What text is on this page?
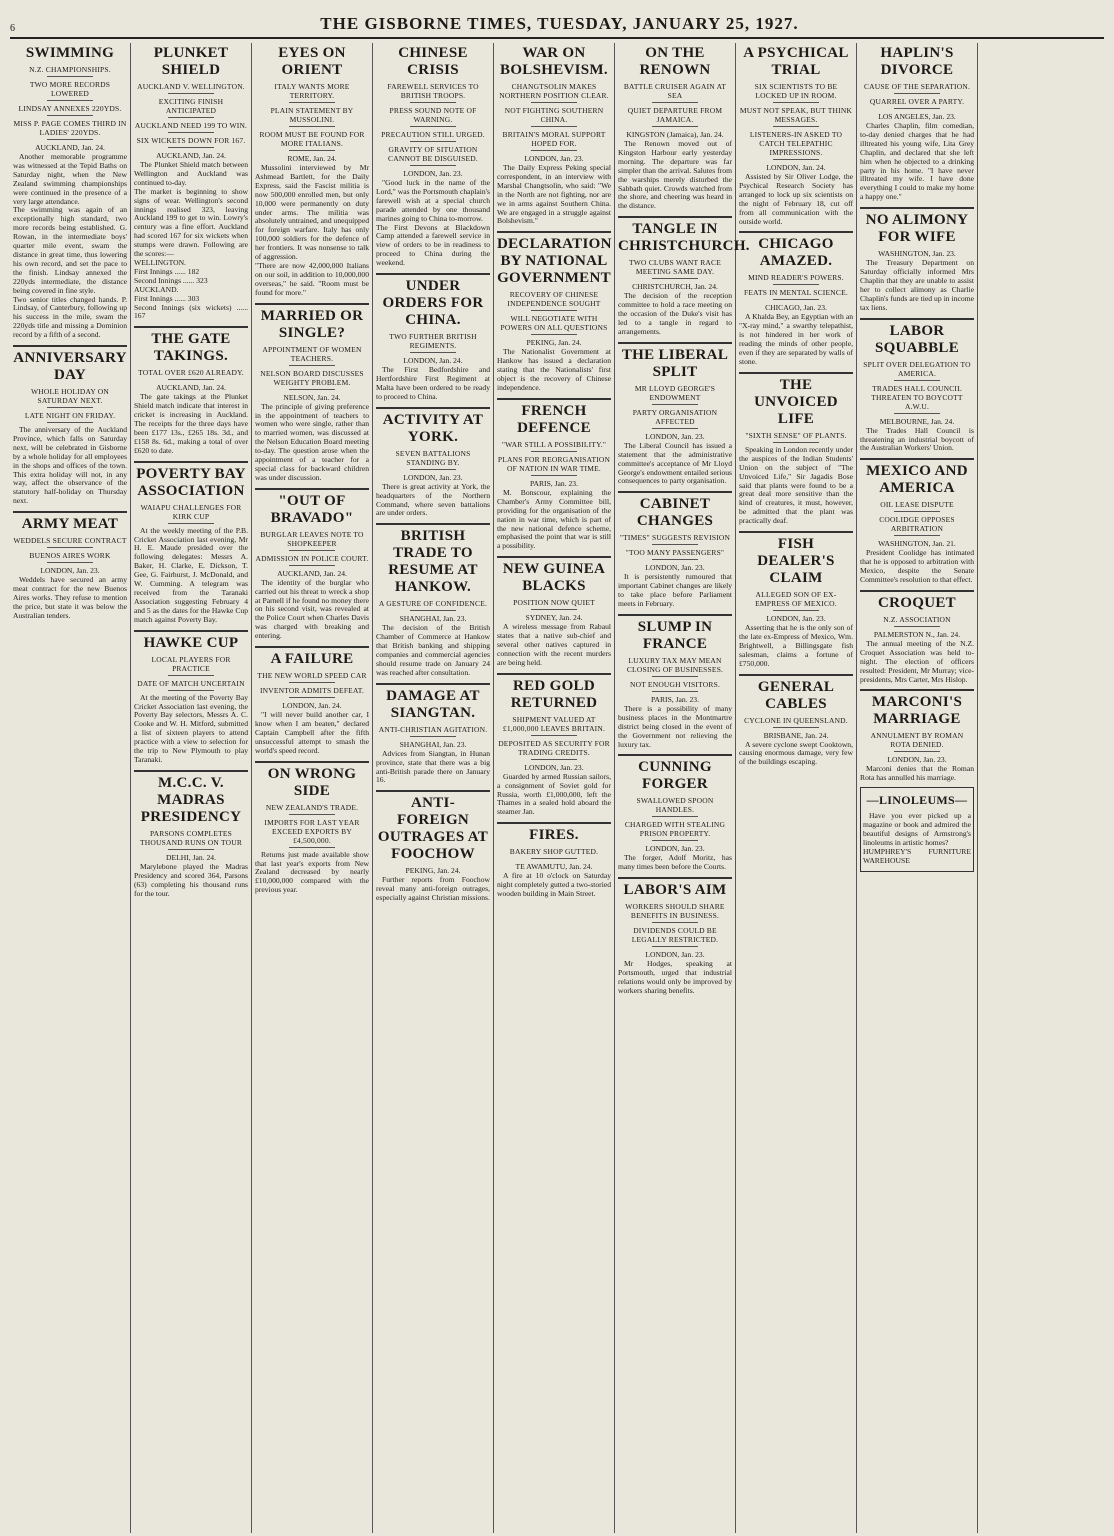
6	THE GISBORNE TIMES, TUESDAY, JANUARY 25, 1927.
SWIMMING
N.Z. CHAMPIONSHIPS.
TWO MORE RECORDS LOWERED
LINDSAY ANNEXES 220YDS.
MISS P. PAGE COMES THIRD IN LADIES' 220YDS.
AUCKLAND, Jan. 24.
Another memorable programme was witnessed at the Tepid Baths on Saturday night, when the New Zealand swimming championships were continued in the presence of a very large attendance.
The swimming was again of an exceptionally high standard, two more records being established. G. Rowan, in the intermediate boys' quarter mile event, swam the distance in great time, thus lowering his own record, and set the pace to the finish. Lindsay annexed the 220yds intermediate, the distance being covered in fine style.
Two senior titles changed hands. P. Lindsay, of Canterbury, following up his success in the mile, swam the 220yds title and missing a Dominion record by a fifth of a second.
ANNIVERSARY DAY
WHOLE HOLIDAY ON SATURDAY NEXT.
LATE NIGHT ON FRIDAY.
The anniversary of the Auckland Province, which falls on Saturday next, will be celebrated in Gisborne by a whole holiday for all employees in the shops and offices of the town. This extra holiday will not, in any way, affect the observance of the statutory half-holiday on Thursday next.
ARMY MEAT
WEDDELS SECURE CONTRACT
BUENOS AIRES WORK
LONDON, Jan. 23.
Weddels have secured an army meat contract for the new Buenos Aires works. They refuse to mention the price, but state it was below the Australian tenders.
PLUNKET SHIELD
AUCKLAND V. WELLINGTON.
EXCITING FINISH ANTICIPATED
AUCKLAND NEED 199 TO WIN.
SIX WICKETS DOWN FOR 167.
AUCKLAND, Jan. 24.
The Plunket Shield match between Wellington and Auckland was continued to-day.
The market is beginning to show signs of wear. Wellington's second innings realised 323, leaving Auckland 199 to get to win. Lowry's century was a fine effort. Auckland had scored 167 for six wickets when stumps were drawn. Following are the scores:—
WELLINGTON.
First Innings ...... 182
Second Innings ...... 323
AUCKLAND.
First Innings ...... 303
Second Innings (six wickets) ...... 167
THE GATE TAKINGS.
TOTAL OVER £620 ALREADY.
AUCKLAND, Jan. 24.
The gate takings at the Plunket Shield match indicate that interest in cricket is increasing in Auckland. The receipts for the three days have been £177 13s., £265 18s. 3d., and £158 8s. 6d., making a total of over £620 to date.
POVERTY BAY ASSOCIATION
WAIAPU CHALLENGES FOR KIRK CUP
At the weekly meeting of the P.B. Cricket Association last evening, Mr H. E. Maude presided over the following delegates: Messrs A. Baker, H. Clarke, E. Dickson, T. Gee, G. Fairhurst, J. McDonald, and W. Cumming. A telegram was received from the Taranaki Association suggesting February 4 and 5 as the dates for the Hawke Cup match against Poverty Bay.
HAWKE CUP
LOCAL PLAYERS FOR PRACTICE
DATE OF MATCH UNCERTAIN
At the meeting of the Poverty Bay Cricket Association last evening, the Poverty Bay selectors, Messrs A. C. Cooke and W. H. Mitford, submitted a list of sixteen players to attend practice with a view to selection for the trip to New Plymouth to play Taranaki.
M.C.C. V. MADRAS PRESIDENCY
PARSONS COMPLETES THOUSAND RUNS ON TOUR
DELHI, Jan. 24.
Marylebone played the Madras Presidency and scored 364, Parsons (63) completing his thousand runs for the tour.
EYES ON ORIENT
ITALY WANTS MORE TERRITORY.
PLAIN STATEMENT BY MUSSOLINI.
ROOM MUST BE FOUND FOR MORE ITALIANS.
ROME, Jan. 24.
Mussolini interviewed by Mr Ashmead Bartlett, for the Daily Express, said the Fascist militia is now 500,000 enrolled men, but only 10,000 were permanently on duty under arms. The militia was absolutely untrained, and unequipped for foreign warfare. Italy has only 100,000 soldiers for the defence of her frontiers. It was nonsense to talk of aggression.
"There are now 42,000,000 Italians on our soil, in addition to 10,000,000 overseas," he said. "Room must be found for more."
MARRIED OR SINGLE?
APPOINTMENT OF WOMEN TEACHERS.
NELSON BOARD DISCUSSES WEIGHTY PROBLEM.
NELSON, Jan. 24.
The principle of giving preference in the appointment of teachers to women who were single, rather than to married women, was discussed at the Nelson Education Board meeting to-day. The question arose when the appointment of a teacher for a special class for backward children was under discussion.
"OUT OF BRAVADO"
BURGLAR LEAVES NOTE TO SHOPKEEPER
ADMISSION IN POLICE COURT.
AUCKLAND, Jan. 24.
The identity of the burglar who carried out his threat to wreck a shop at Parnell if he found no money there on his second visit, was revealed at the Police Court when Charles Davis was charged with breaking and entering.
A FAILURE
THE NEW WORLD SPEED CAR
INVENTOR ADMITS DEFEAT.
LONDON, Jan. 24.
"I will never build another car, I know when I am beaten," declared Captain Campbell after the fifth unsuccessful attempt to smash the world's speed record.
ON WRONG SIDE
NEW ZEALAND'S TRADE.
IMPORTS FOR LAST YEAR EXCEED EXPORTS BY £4,500,000.
Returns just made available show that last year's exports from New Zealand decreased by nearly £10,000,000 compared with the previous year.
CHINESE CRISIS
FAREWELL SERVICES TO BRITISH TROOPS.
PRESS SOUND NOTE OF WARNING.
PRECAUTION STILL URGED.
GRAVITY OF SITUATION CANNOT BE DISGUISED.
LONDON, Jan. 23.
"Good luck in the name of the Lord," was the Portsmouth chaplain's farewell wish at a special church parade attended by one thousand marines going to China to-morrow.
The First Devons at Blackdown Camp attended a farewell service in view of orders to be in readiness to proceed to China during the weekend.
UNDER ORDERS FOR CHINA.
TWO FURTHER BRITISH REGIMENTS.
LONDON, Jan. 24.
The First Bedfordshire and Hertfordshire First Regiment at Malta have been ordered to be ready to proceed to China.
ACTIVITY AT YORK.
SEVEN BATTALIONS STANDING BY.
LONDON, Jan. 23.
There is great activity at York, the headquarters of the Northern Command, where seven battalions are under orders.
BRITISH TRADE TO RESUME AT HANKOW.
A GESTURE OF CONFIDENCE.
SHANGHAI, Jan. 23.
The decision of the British Chamber of Commerce at Hankow that British banking and shipping companies and commercial agencies should resume trade on January 24 was reached after consultation.
DAMAGE AT SIANGTAN.
ANTI-CHRISTIAN AGITATION.
SHANGHAI, Jan. 23.
Advices from Siangtan, in Hunan province, state that there was a big anti-British parade there on January 16.
ANTI-FOREIGN OUTRAGES AT FOOCHOW
PEKING, Jan. 24.
Further reports from Foochow reveal many anti-foreign outrages, especially against Christian missions.
WAR ON BOLSHEVISM.
CHANGTSOLIN MAKES NORTHERN POSITION CLEAR.
NOT FIGHTING SOUTHERN CHINA.
BRITAIN'S MORAL SUPPORT HOPED FOR.
LONDON, Jan. 23.
The Daily Express Peking special correspondent, in an interview with Marshal Changtsolin, who said: "We in the North are not fighting, nor are we in arms against Southern China. We are engaged in a struggle against Bolshevism."
DECLARATION BY NATIONAL GOVERNMENT
RECOVERY OF CHINESE INDEPENDENCE SOUGHT
WILL NEGOTIATE WITH POWERS ON ALL QUESTIONS
PEKING, Jan. 24.
The Nationalist Government at Hankow has issued a declaration stating that the Nationalists' first object is the recovery of Chinese independence.
FRENCH DEFENCE
"WAR STILL A POSSIBILITY."
PLANS FOR REORGANISATION OF NATION IN WAR TIME.
PARIS, Jan. 23.
M. Bonscour, explaining the Chamber's Army Committee bill, providing for the organisation of the nation in war time, which is part of the new national defence scheme, emphasised the point that war is still a possibility.
NEW GUINEA BLACKS
POSITION NOW QUIET
SYDNEY, Jan. 24.
A wireless message from Rabaul states that a native sub-chief and several other natives captured in connection with the recent murders are being held.
RED GOLD RETURNED
SHIPMENT VALUED AT £1,000,000 LEAVES BRITAIN.
DEPOSITED AS SECURITY FOR TRADING CREDITS.
LONDON, Jan. 23.
Guarded by armed Russian sailors, a consignment of Soviet gold for Russia, worth £1,000,000, left the Thames in a sealed hold aboard the steamer Jan.
FIRES.
BAKERY SHOP GUTTED.
TE AWAMUTU, Jan. 24.
A fire at 10 o'clock on Saturday night completely gutted a two-storied wooden building in Main Street.
ON THE RENOWN
BATTLE CRUISER AGAIN AT SEA
QUIET DEPARTURE FROM JAMAICA.
KINGSTON (Jamaica), Jan. 24.
The Renown moved out of Kingston Harbour early yesterday morning. The departure was far simpler than the arrival. Salutes from the warships merely disturbed the Sabbath quiet. Crowds watched from the shore, and cheering was heard in the distance.
TANGLE IN CHRISTCHURCH.
TWO CLUBS WANT RACE MEETING SAME DAY.
CHRISTCHURCH, Jan. 24.
The decision of the reception committee to hold a race meeting on the occasion of the Duke's visit has led to a tangle in regard to arrangements.
THE LIBERAL SPLIT
MR LLOYD GEORGE'S ENDOWMENT
PARTY ORGANISATION AFFECTED
LONDON, Jan. 23.
The Liberal Council has issued a statement that the administrative committee's acceptance of Mr Lloyd George's endowment entailed serious consequences to party organisation.
CABINET CHANGES
"TIMES" SUGGESTS REVISION
"TOO MANY PASSENGERS"
LONDON, Jan. 23.
It is persistently rumoured that important Cabinet changes are likely to take place before Parliament meets in February.
SLUMP IN FRANCE
LUXURY TAX MAY MEAN CLOSING OF BUSINESSES.
NOT ENOUGH VISITORS.
PARIS, Jan. 23.
There is a possibility of many business places in the Montmartre district being closed in the event of the Government not relieving the luxury tax.
CUNNING FORGER
SWALLOWED SPOON HANDLES.
CHARGED WITH STEALING PRISON PROPERTY.
LONDON, Jan. 23.
The forger, Adolf Moritz, has many times been before the Courts.
LABOR'S AIM
WORKERS SHOULD SHARE BENEFITS IN BUSINESS.
DIVIDENDS COULD BE LEGALLY RESTRICTED.
LONDON, Jan. 23.
Mr Hodges, speaking at Portsmouth, urged that industrial relations would only be improved by workers sharing benefits.
A PSYCHICAL TRIAL
SIX SCIENTISTS TO BE LOCKED UP IN ROOM.
MUST NOT SPEAK, BUT THINK MESSAGES.
LISTENERS-IN ASKED TO CATCH TELEPATHIC IMPRESSIONS.
LONDON, Jan. 24.
Assisted by Sir Oliver Lodge, the Psychical Research Society has arranged to lock up six scientists on the night of February 18, cut off from all communication with the outside world.
CHICAGO AMAZED.
MIND READER'S POWERS.
FEATS IN MENTAL SCIENCE.
CHICAGO, Jan. 23.
A Khalda Bey, an Egyptian with an "X-ray mind," a swarthy telepathist, is not hindered in her work of reading the minds of other people, even if they are separated by walls of stone.
THE UNVOICED LIFE
"SIXTH SENSE" OF PLANTS.
Speaking in London recently under the auspices of the Indian Students' Union on the subject of "The Unvoiced Life," Sir Jagadis Bose said that plants were found to be a great deal more sensitive than the kind of creatures, it must, however, be admitted that the plant was practically deaf.
FISH DEALER'S CLAIM
ALLEGED SON OF EX-EMPRESS OF MEXICO.
LONDON, Jan. 23.
Asserting that he is the only son of the late ex-Empress of Mexico, Wm. Brightwell, a Billingsgate fish salesman, claims a fortune of £750,000.
GENERAL CABLES
CYCLONE IN QUEENSLAND.
BRISBANE, Jan. 24.
A severe cyclone swept Cooktown, causing enormous damage, very few of the buildings escaping.
HAPLIN'S DIVORCE
CAUSE OF THE SEPARATION.
QUARREL OVER A PARTY.
LOS ANGELES, Jan. 23.
Charles Chaplin, film comedian, to-day denied charges that he had illtreated his young wife, Lita Grey Chaplin, and declared that she left him when he objected to a drinking party in his home. "I have never illtreated my wife. I have done everything I could to make my home a happy one."
NO ALIMONY FOR WIFE
WASHINGTON, Jan. 23.
The Treasury Department on Saturday officially informed Mrs Chaplin that they are unable to assist her to collect alimony as Charlie Chaplin's funds are tied up in income tax liens.
LABOR SQUABBLE
SPLIT OVER DELEGATION TO AMERICA.
TRADES HALL COUNCIL THREATEN TO BOYCOTT A.W.U.
MELBOURNE, Jan. 24.
The Trades Hall Council is threatening an industrial boycott of the Australian Workers' Union.
MEXICO AND AMERICA
OIL LEASE DISPUTE
COOLIDGE OPPOSES ARBITRATION
WASHINGTON, Jan. 21.
President Coolidge has intimated that he is opposed to arbitration with Mexico, despite the Senate Committee's resolution to that effect.
CROQUET
N.Z. ASSOCIATION
PALMERSTON N., Jan. 24.
The annual meeting of the N.Z. Croquet Association was held to-night. The election of officers resulted: President, Mr Murray; vice-presidents, Mrs Carter, Mrs Hislop.
MARCONI'S MARRIAGE
ANNULMENT BY ROMAN ROTA DENIED.
LONDON, Jan. 23.
Marconi denies that the Roman Rota has annulled his marriage.
—LINOLEUMS—
Have you ever picked up a magazine or book and admired the beautiful designs of Armstrong's linoleums in artistic homes?
HUMPHREY'S FURNITURE WAREHOUSE
